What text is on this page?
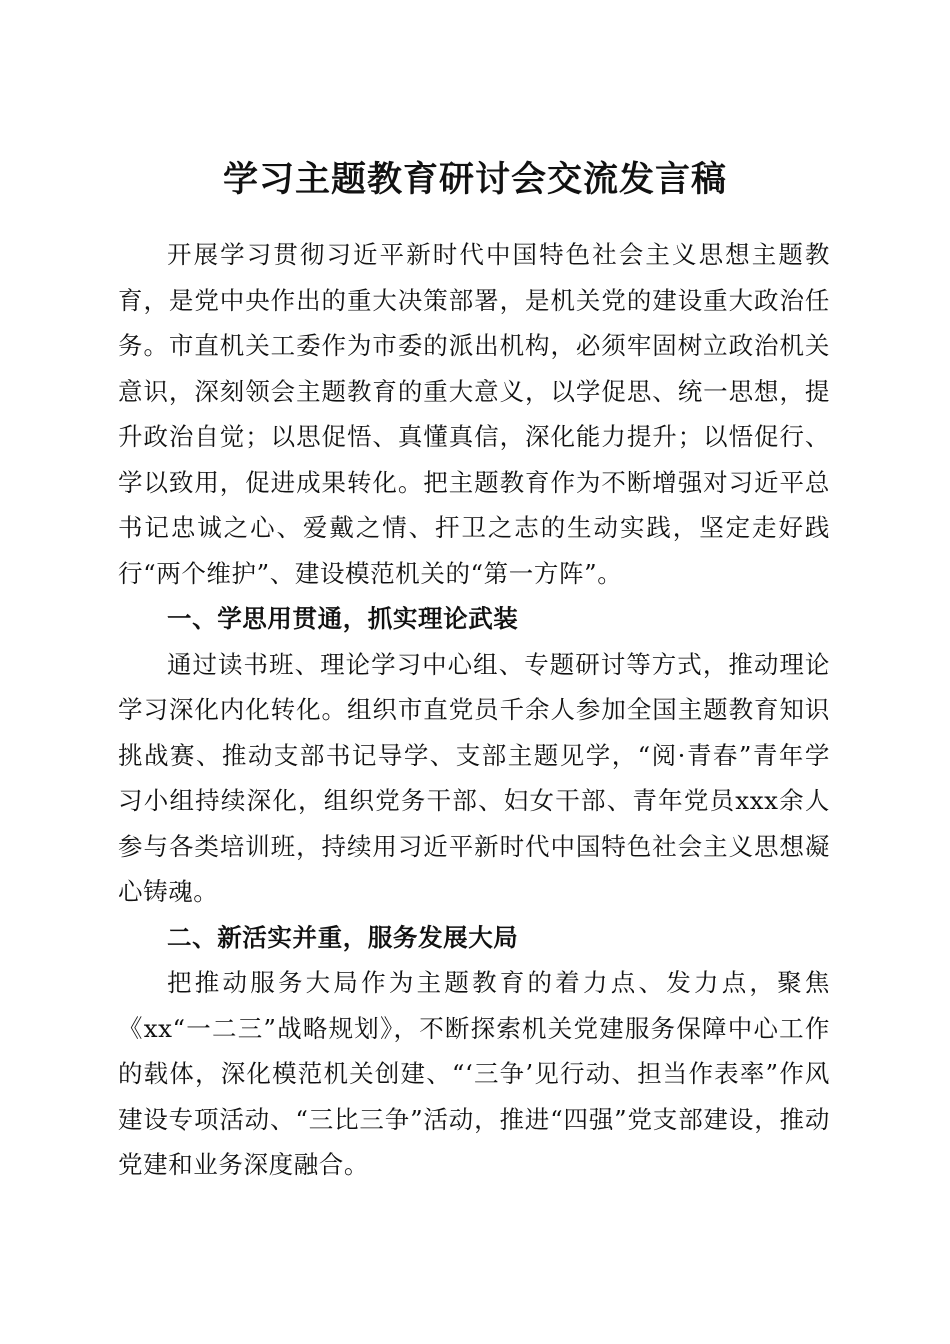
学习主题教育研讨会交流发言稿

开展学习贯彻习近平新时代中国特色社会主义思想主题教育，是党中央作出的重大决策部署，是机关党的建设重大政治任务。市直机关工委作为市委的派出机构，必须牢固树立政治机关意识，深刻领会主题教育的重大意义，以学促思、统一思想，提升政治自觉；以思促悟、真懂真信，深化能力提升；以悟促行、学以致用，促进成果转化。把主题教育作为不断增强对习近平总书记忠诚之心、爱戴之情、扞卫之志的生动实践，坚定走好践行“两个维护”、建设模范机关的“第一方阵”。

一、学思用贯通，抓实理论武装

通过读书班、理论学习中心组、专题研讨等方式，推动理论学习深化内化转化。组织市直党员千余人参加全国主题教育知识挑战赛、推动支部书记导学、支部主题见学，“阅·青春”青年学习小组持续深化，组织党务干部、妇女干部、青年党员xxx余人参与各类培训班，持续用习近平新时代中国特色社会主义思想凝心铸魂。

二、新活实并重，服务发展大局

把推动服务大局作为主题教育的着力点、发力点，聚焦《xx“一二三”战略规划》，不断探索机关党建服务保障中心工作的载体，深化模范机关创建、“‘三争’见行动、担当作表率”作风建设专项活动、“三比三争”活动，推进“四强”党支部建设，推动党建和业务深度融合。
